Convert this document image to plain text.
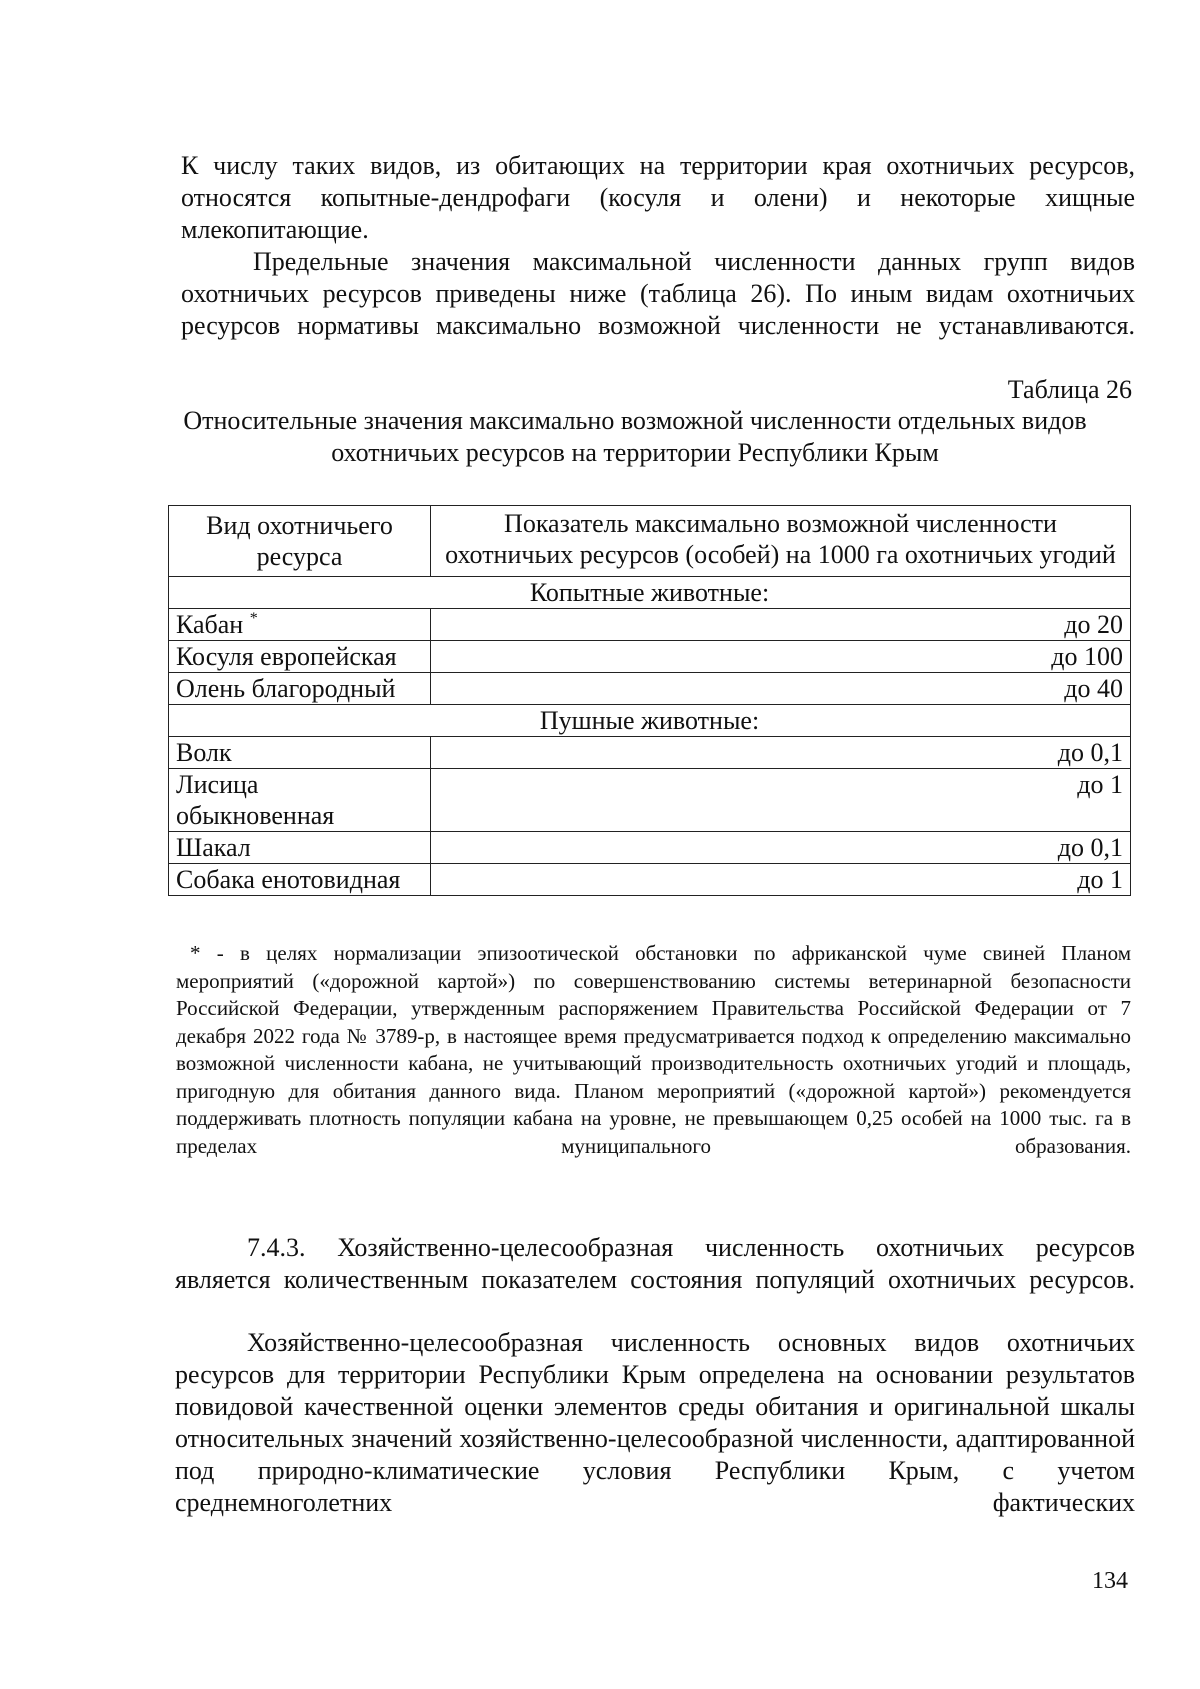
К числу таких видов, из обитающих на территории края охотничьих ресурсов, относятся копытные-дендрофаги (косуля и олени) и некоторые хищные млекопитающие.

Предельные значения максимальной численности данных групп видов охотничьих ресурсов приведены ниже (таблица 26). По иным видам охотничьих ресурсов нормативы максимально возможной численности не устанавливаются.

Таблица 26
Относительные значения максимально возможной численности отдельных видов охотничьих ресурсов на территории Республики Крым
Вид охотничьего ресурса	Показатель максимально возможной численности охотничьих ресурсов (особей) на 1000 га охотничьих угодий
Копытные животные:	
Кабан *	до 20
Косуля европейская	до 100
Олень благородный	до 40
Пушные животные:	
Волк	до 0,1
Лисица обыкновенная	до 1
Шакал	до 0,1
Собака енотовидная	до 1

* - в целях нормализации эпизоотической обстановки по африканской чуме свиней Планом мероприятий («дорожной картой») по совершенствованию системы ветеринарной безопасности Российской Федерации, утвержденным распоряжением Правительства Российской Федерации от 7 декабря 2022 года № 3789-р, в настоящее время предусматривается подход к определению максимально возможной численности кабана, не учитывающий производительность охотничьих угодий и площадь, пригодную для обитания данного вида. Планом мероприятий («дорожной картой») рекомендуется поддерживать плотность популяции кабана на уровне, не превышающем 0,25 особей на 1000 тыс. га в пределах муниципального образования.

7.4.3. Хозяйственно-целесообразная численность охотничьих ресурсов является количественным показателем состояния популяций охотничьих ресурсов.

Хозяйственно-целесообразная численность основных видов охотничьих ресурсов для территории Республики Крым определена на основании результатов повидовой качественной оценки элементов среды обитания и оригинальной шкалы относительных значений хозяйственно-целесообразной численности, адаптированной под природно-климатические условия Республики Крым, с учетом среднемноголетних фактических

134
